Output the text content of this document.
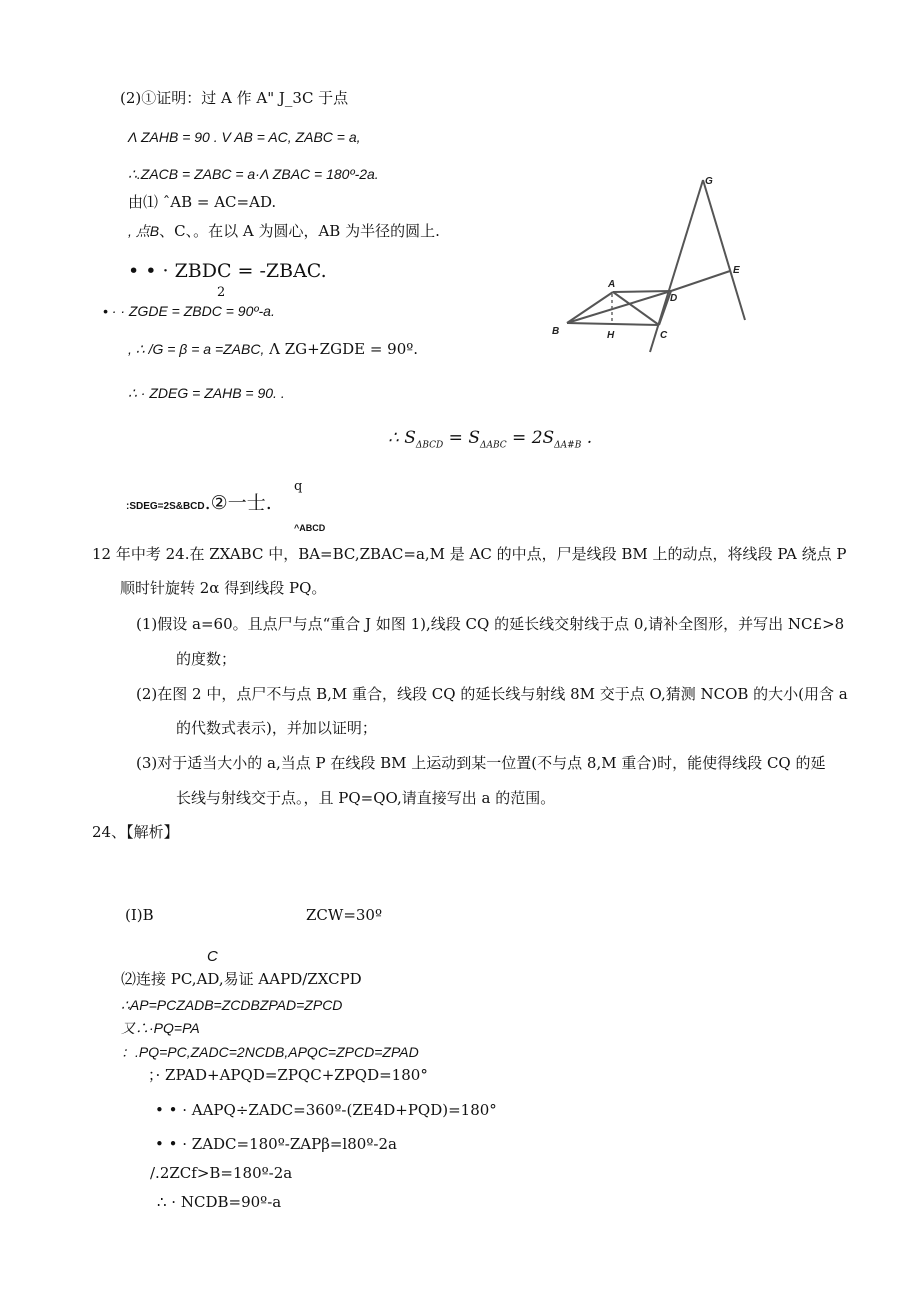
(2)①证明：过 A 作 A" J_3C 于点
Λ ZAHB = 90 . V AB = AC, ZABC = a,
∴.ZACB = ZABC = a·Λ ZBAC = 180º-2a.
由⑴ ˆAB = AC=AD.
, 点B、C、。在以 A 为圆心，AB 为半径的圆上.
• • · ZBDC = -ZBAC.
2
• · · ZGDE = ZBDC = 90º-a.
, ∴ /G = β = a =ZABC, Λ ZG+ZGDE = 90º.
∴ · ZDEG = ZAHB = 90. .
∴ $S_{\Delta BCD} = S_{\Delta ABC} = 2S_{\Delta A\#B}$ .
q
:SDEG=2S&BCD.②一士.
^ABCD
G
E
A
D
B	H	C
12 年中考 24.在 ZXABC 中，BA=BC,ZBAC=a,M 是 AC 的中点，尸是线段 BM 上的动点，将线段 PA 绕点 P
顺时针旋转 2α 得到线段 PQ。
(1)假设 a=60。且点尸与点“重合 J 如图 1),线段 CQ 的延长线交射线于点 0,请补全图形，并写出 NC£>8
的度数；
(2)在图 2 中，点尸不与点 B,M 重合，线段 CQ 的延长线与射线 8M 交于点 O,猜测 NCOB 的大小(用含 a
的代数式表示)，并加以证明；
(3)对于适当大小的 a,当点 P 在线段 BM 上运动到某一位置(不与点 8,M 重合)时，能使得线段 CQ 的延
长线与射线交于点。，且 PQ=QO,请直接写出 a 的范围。
24、【解析】
(I)B	ZCW=30º
C
⑵连接 PC,AD,易证 AAPD/ZXCPD
∴AP=PCZADB=ZCDBZPAD=ZPCD
又∴·PQ=PA
：.PQ=PC,ZADC=2NCDB,APQC=ZPCD=ZPAD
；· ZPAD+APQD=ZPQC+ZPQD=180°
• • · AAPQ÷ZADC=360º-(ZE4D+PQD)=180°
• • · ZADC=180º-ZAPβ=l80º-2a
/.2ZCf>B=180º-2a
∴ · NCDB=90º-a
